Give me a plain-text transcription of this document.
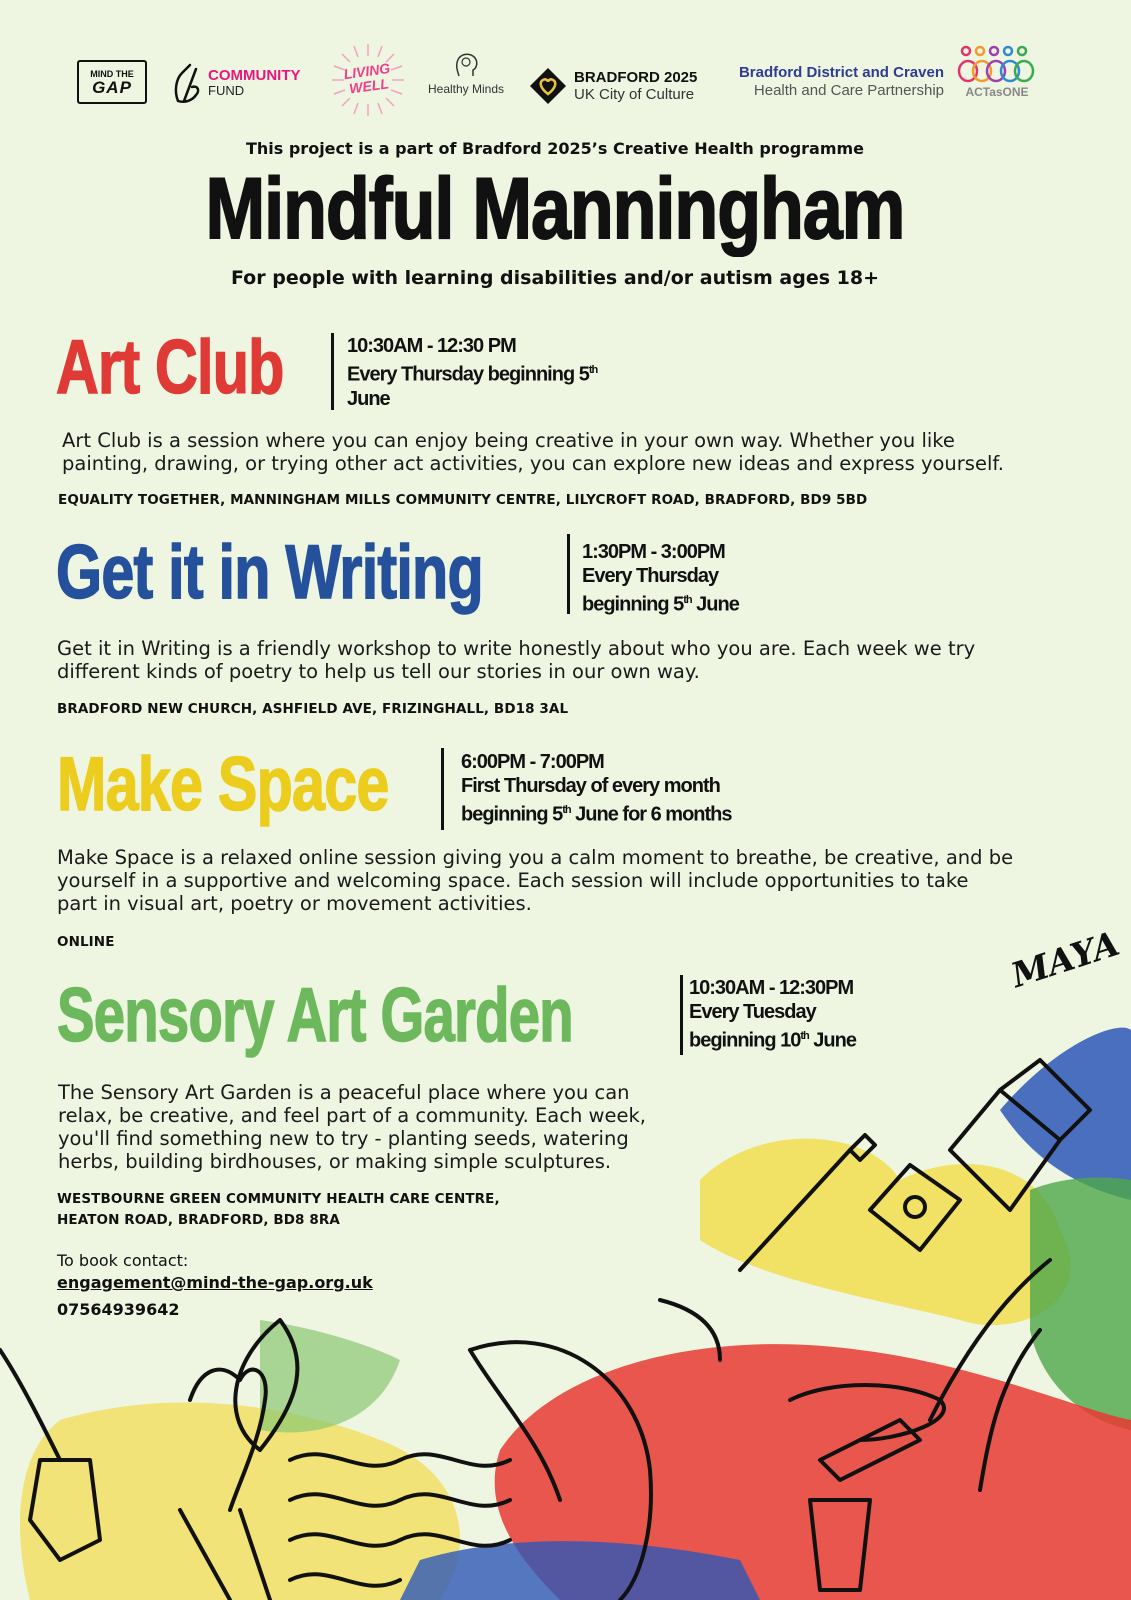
MIND THE
GAP
COMMUNITY
FUND
LIVING WELL	Healthy Minds
BRADFORD 2025
UK City of Culture
Bradford District and Craven
Health and Care Partnership ACTasONE
This project is a part of Bradford 2025’s Creative Health programme
Mindful Manningham
For people with learning disabilities and/or autism ages 18+
Art Club	10:30AM - 12:30 PM
Every Thursday beginning 5th
June
Art Club is a session where you can enjoy being creative in your own way. Whether you like
painting, drawing, or trying other act activities, you can explore new ideas and express yourself.
EQUALITY TOGETHER, MANNINGHAM MILLS COMMUNITY CENTRE, LILYCROFT ROAD, BRADFORD, BD9 5BD
Get it in Writing	1:30PM - 3:00PM
Every Thursday
beginning 5th June
Get it in Writing is a friendly workshop to write honestly about who you are. Each week we try
different kinds of poetry to help us tell our stories in our own way.
BRADFORD NEW CHURCH, ASHFIELD AVE, FRIZINGHALL, BD18 3AL
Make Space	6:00PM - 7:00PM
First Thursday of every month
beginning 5th June for 6 months
Make Space is a relaxed online session giving you a calm moment to breathe, be creative, and be
yourself in a supportive and welcoming space. Each session will include opportunities to take
part in visual art, poetry or movement activities.
ONLINE
Sensory Art Garden	10:30AM - 12:30PM
Every Tuesday
beginning 10th June
The Sensory Art Garden is a peaceful place where you can
relax, be creative, and feel part of a community. Each week,
you'll find something new to try - planting seeds, watering
herbs, building birdhouses, or making simple sculptures.
WESTBOURNE GREEN COMMUNITY HEALTH CARE CENTRE,
HEATON ROAD, BRADFORD, BD8 8RA
To book contact:
engagement@mind-the-gap.org.uk
07564939642
MAYA
